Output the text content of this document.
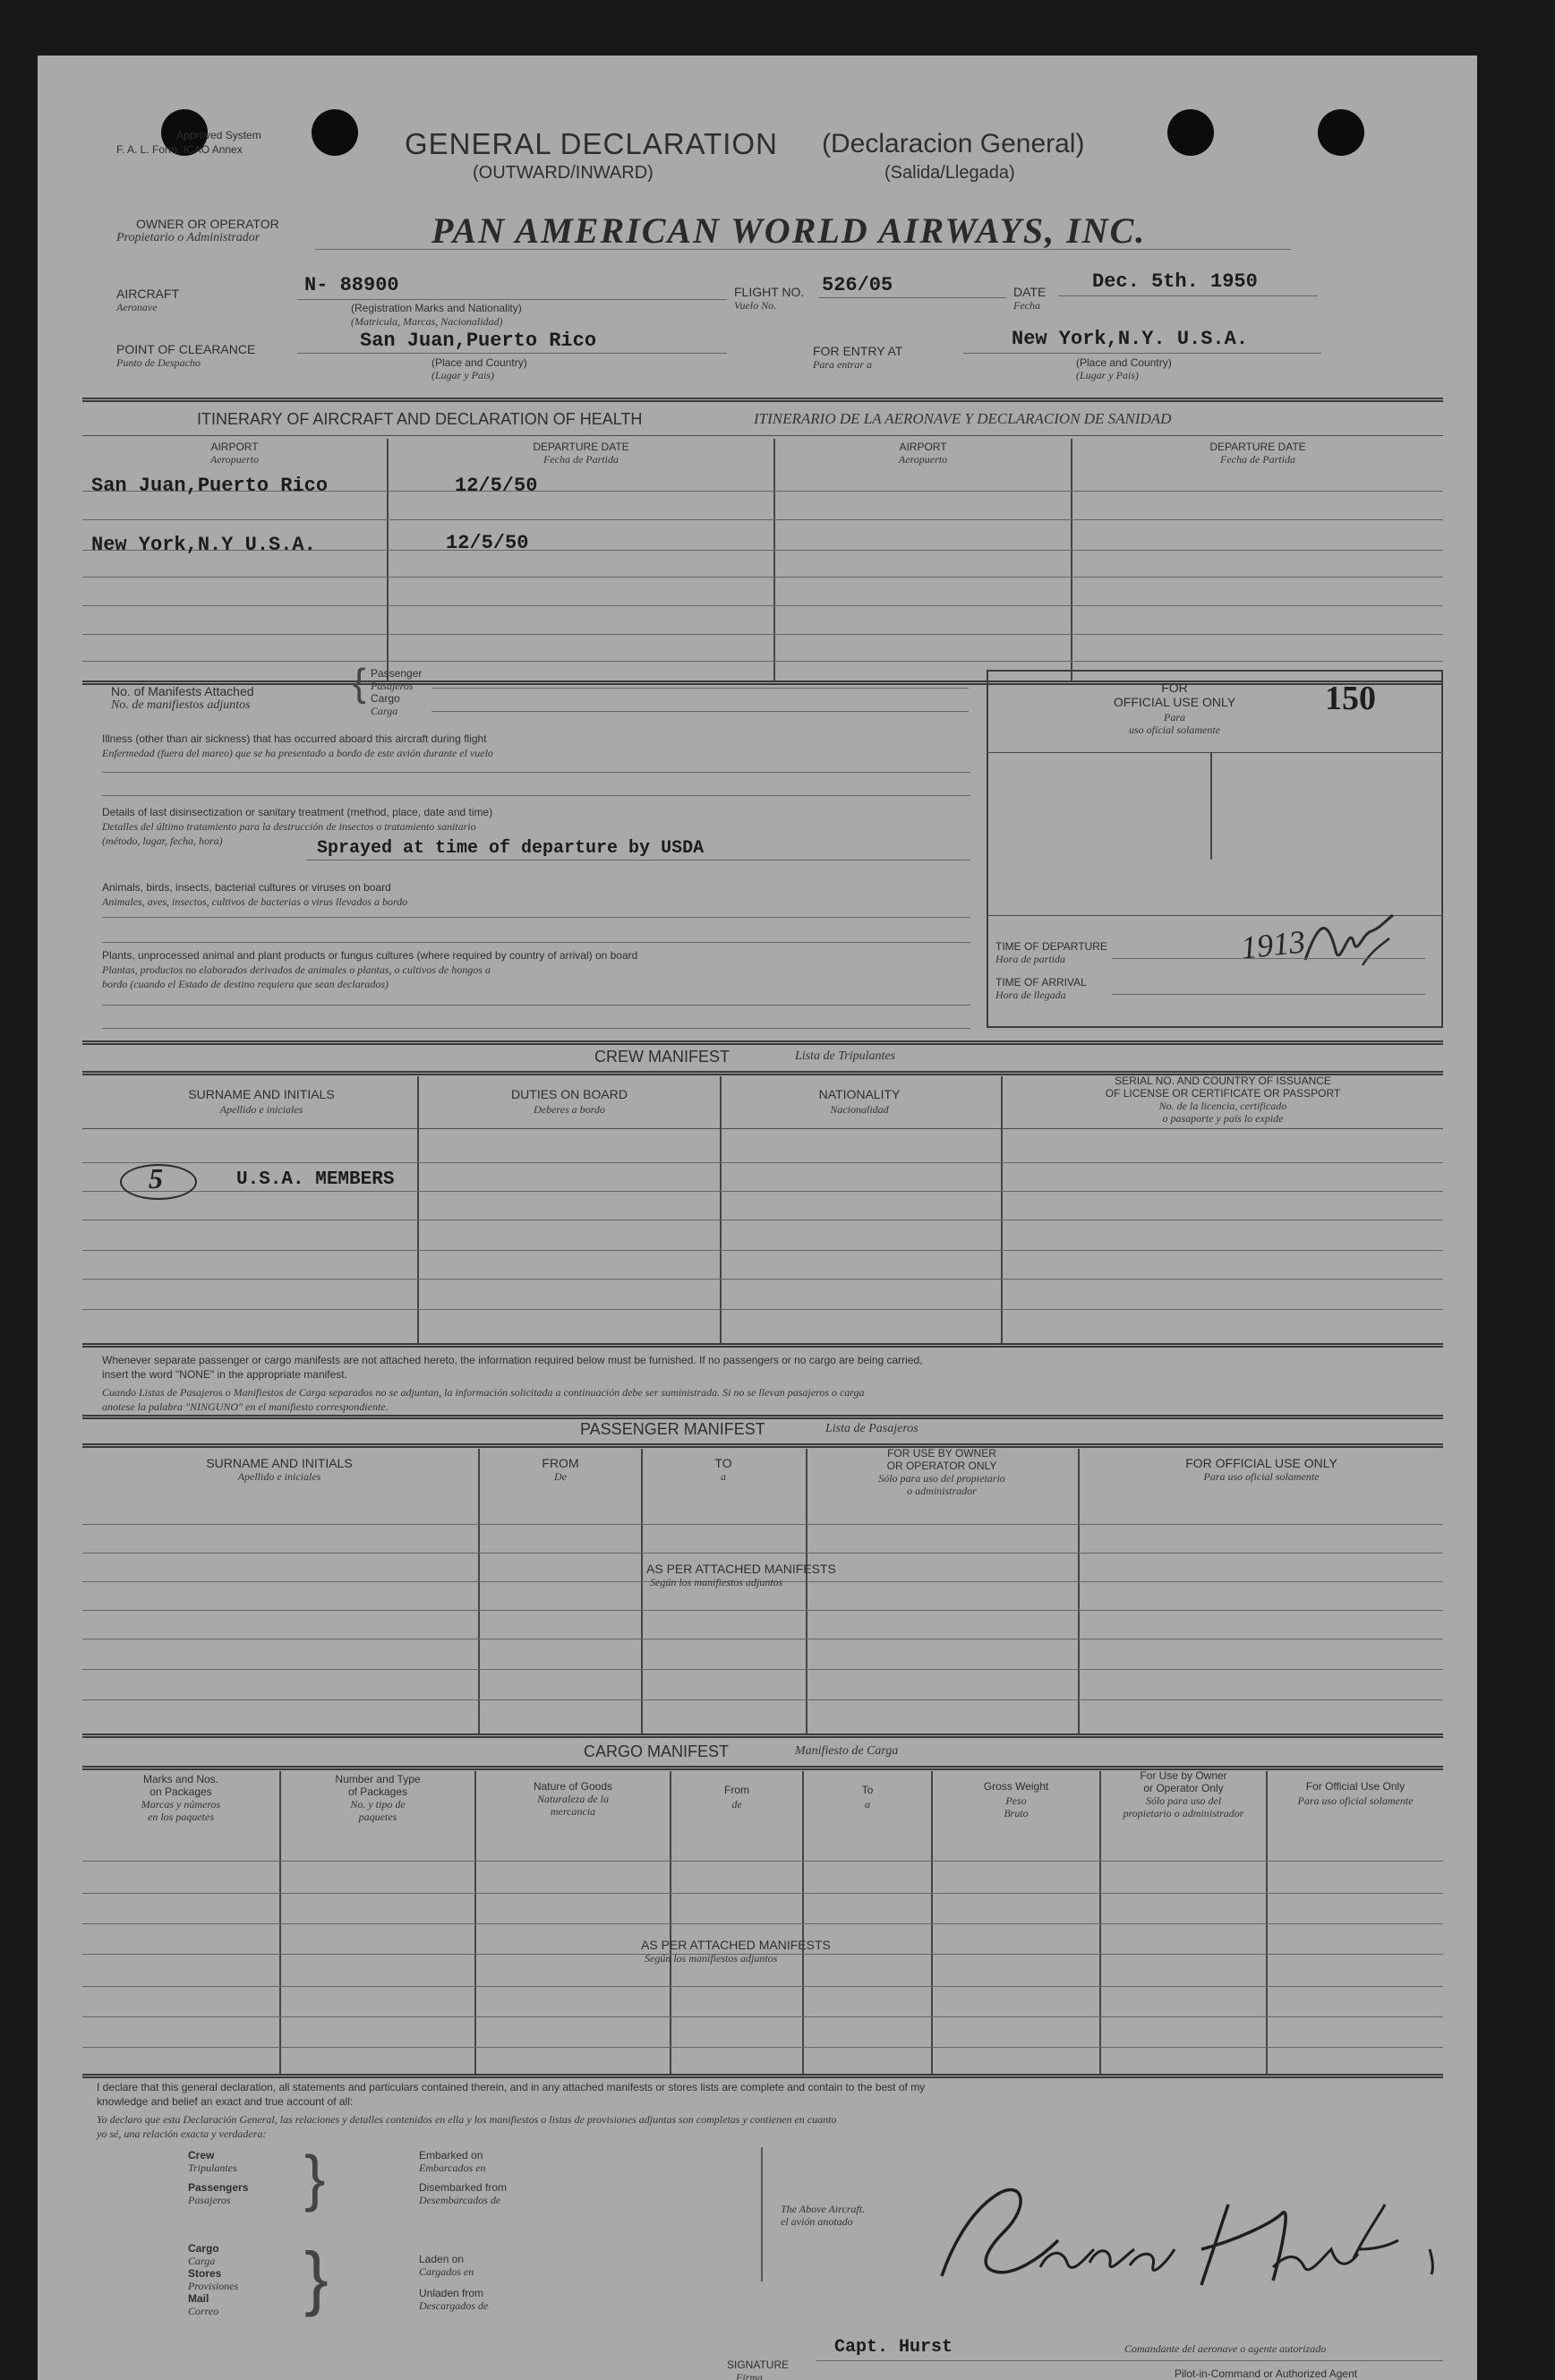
Approved System
F. A. L. Form. ICAO Annex	GENERAL DECLARATION (Declaracion General)
(OUTWARD/INWARD)	(Salida/Llegada)
OWNER OR OPERATOR
Propietario o Administrador	PAN AMERICAN WORLD AIRWAYS, INC.
AIRCRAFT
Aeronave
N- 88900
(Registration Marks and Nationality)
(Matricula, Marcas, Nacionalidad)
FLIGHT NO.
Vuelo No.
526/05	DATE
Fecha
Dec. 5th. 1950
POINT OF CLEARANCE
Punto de Despacho
San Juan,Puerto Rico
(Place and Country)
(Lugar y Pais)
FOR ENTRY AT
Para entrar a
New York,N.Y. U.S.A.
(Place and Country)
(Lugar y Pais)
ITINERARY OF AIRCRAFT AND DECLARATION OF HEALTH	ITINERARIO DE LA AERONAVE Y DECLARACION DE SANIDAD
AIRPORT
Aeropuerto
DEPARTURE DATE
Fecha de Partida
AIRPORT
Aeropuerto
DEPARTURE DATE
Fecha de Partida
San Juan,Puerto Rico	12/5/50
New York,N.Y U.S.A.	12/5/50
No. of Manifests Attached
No. de manifiestos adjuntos
{ Passenger
Pasajeros
Cargo
Carga
Illness (other than air sickness) that has occurred aboard this aircraft during flight
Enfermedad (fuera del mareo) que se ha presentado a bordo de este avión durante el vuelo
Details of last disinsectization or sanitary treatment (method, place, date and time)
Detalles del último tratamiento para la destrucción de insectos o tratamiento sanitario
(método, lugar, fecha, hora)	Sprayed at time of departure by USDA
Animals, birds, insects, bacterial cultures or viruses on board
Animales, aves, insectos, cultivos de bacterias o virus llevados a bordo
Plants, unprocessed animal and plant products or fungus cultures (where required by country of arrival) on board
Plantas, productos no elaborados derivados de animales o plantas, o cultivos de hongos a
bordo (cuando el Estado de destino requiera que sean declarados)
FOR
OFFICIAL USE ONLY
Para
uso oficial solamente
150
TIME OF DEPARTURE
Hora de partida	1913
TIME OF ARRIVAL
Hora de llegada
CREW MANIFEST	Lista de Tripulantes
SURNAME AND INITIALS
Apellido e iniciales
DUTIES ON BOARD
Deberes a bordo
NATIONALITY
Nacionalidad
SERIAL NO. AND COUNTRY OF ISSUANCE
OF LICENSE OR CERTIFICATE OR PASSPORT
No. de la licencia, certificado
o pasaporte y país lo expide
5	U.S.A. MEMBERS
Whenever separate passenger or cargo manifests are not attached hereto, the information required below must be furnished. If no passengers or no cargo are being carried,
insert the word "NONE" in the appropriate manifest.
Cuando Listas de Pasajeros o Manifiestos de Carga separados no se adjuntan, la información solicitada a continuación debe ser suministrada. Si no se llevan pasajeros o carga
anotese la palabra "NINGUNO" en el manifiesto correspondiente.
PASSENGER MANIFEST	Lista de Pasajeros
SURNAME AND INITIALS
Apellido e iniciales
FROM
De
TO
a
FOR USE BY OWNER
OR OPERATOR ONLY
Sólo para uso del propietario
o administrador
FOR OFFICIAL USE ONLY
Para uso oficial solamente
AS PER ATTACHED MANIFESTS
Según los manifiestos adjuntos
CARGO MANIFEST	Manifiesto de Carga
Marks and Nos.
on Packages
Marcas y números
en los paquetes
Number and Type
of Packages
No. y tipo de
paquetes
Nature of Goods
Naturaleza de la
mercancia
From
de
To
a
Gross Weight
Peso
Bruto
For Use by Owner
or Operator Only
Sólo para uso del
propietario o administrador
For Official Use Only
Para uso oficial solamente
AS PER ATTACHED MANIFESTS
Según los manifiestos adjuntos
I declare that this general declaration, all statements and particulars contained therein, and in any attached manifests or stores lists are complete and contain to the best of my
knowledge and belief an exact and true account of all:
Yo declaro que esta Declaración General, las relaciones y detalles contenidos en ella y los manifiestos o listas de provisiones adjuntas son completas y contienen en cuanto
yo sé, una relación exacta y verdadera:
Crew
Tripulantes
Passengers
Pasajeros }	Embarked on
Embarcados en
Disembarked from
Desembarcados de
Cargo
Carga
Stores
Provisiones
Mail
Correo }	Laden on
Cargados en
Unladen from
Descargados de
The Above Aircraft.
el avión anotado
SIGNATURE
Firma
Capt. Hurst	Comandante del aeronave o agente autorizado
Pilot-in-Command or Authorized Agent
